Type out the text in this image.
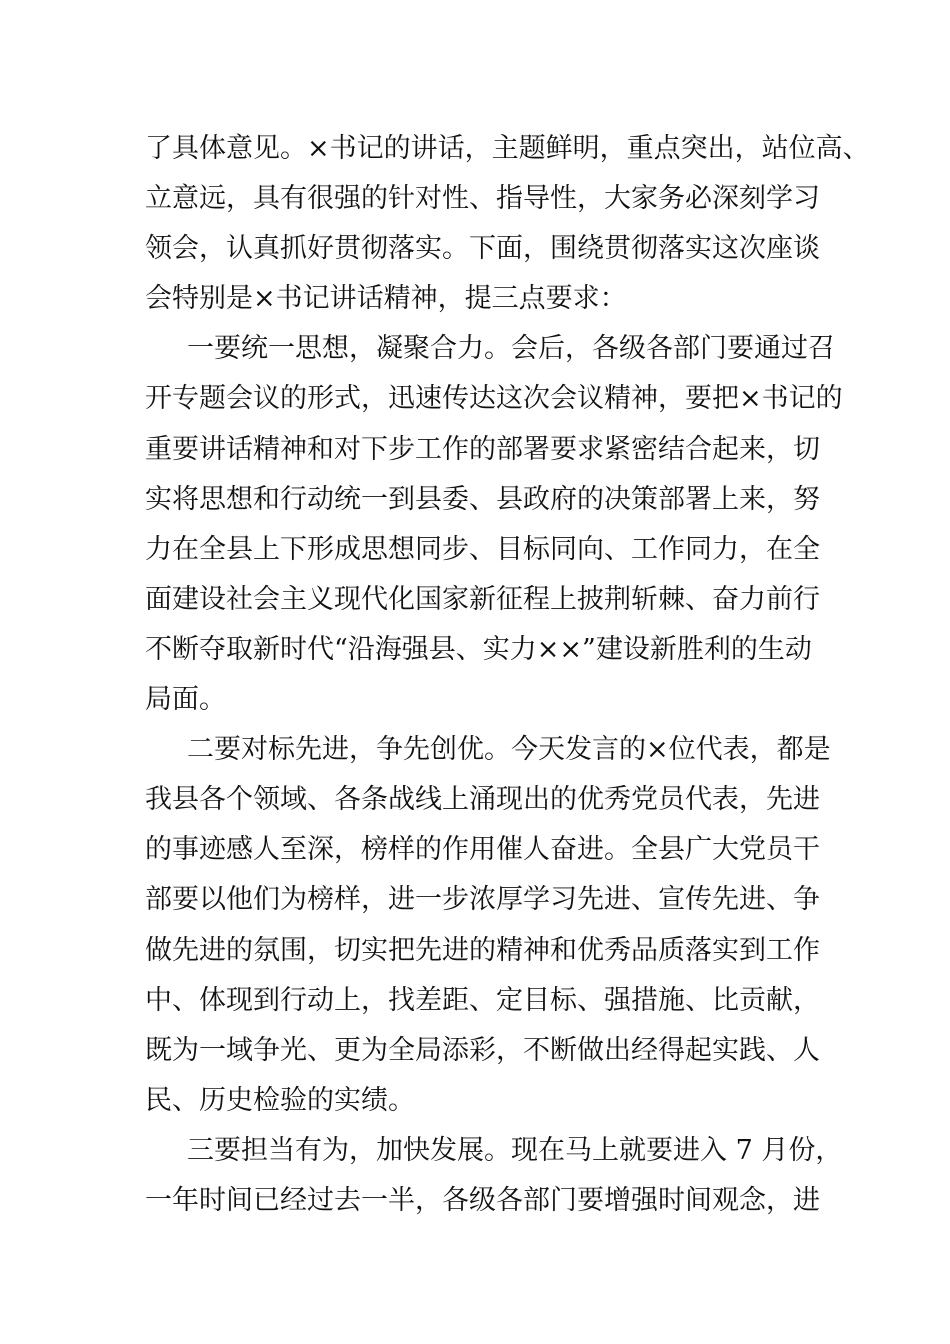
了具体意见。×书记的讲话，主题鲜明，重点突出，站位高、
立意远，具有很强的针对性、指导性，大家务必深刻学习
领会，认真抓好贯彻落实。下面，围绕贯彻落实这次座谈
会特别是×书记讲话精神，提三点要求：
一要统一思想，凝聚合力。会后，各级各部门要通过召
开专题会议的形式，迅速传达这次会议精神，要把×书记的
重要讲话精神和对下步工作的部署要求紧密结合起来，切
实将思想和行动统一到县委、县政府的决策部署上来，努
力在全县上下形成思想同步、目标同向、工作同力，在全
面建设社会主义现代化国家新征程上披荆斩棘、奋力前行
不断夺取新时代“沿海强县、实力××”建设新胜利的生动
局面。
二要对标先进，争先创优。今天发言的×位代表，都是
我县各个领域、各条战线上涌现出的优秀党员代表，先进
的事迹感人至深，榜样的作用催人奋进。全县广大党员干
部要以他们为榜样，进一步浓厚学习先进、宣传先进、争
做先进的氛围，切实把先进的精神和优秀品质落实到工作
中、体现到行动上，找差距、定目标、强措施、比贡献，
既为一域争光、更为全局添彩，不断做出经得起实践、人
民、历史检验的实绩。
三要担当有为，加快发展。现在马上就要进入 7 月份，
一年时间已经过去一半，各级各部门要增强时间观念，进
